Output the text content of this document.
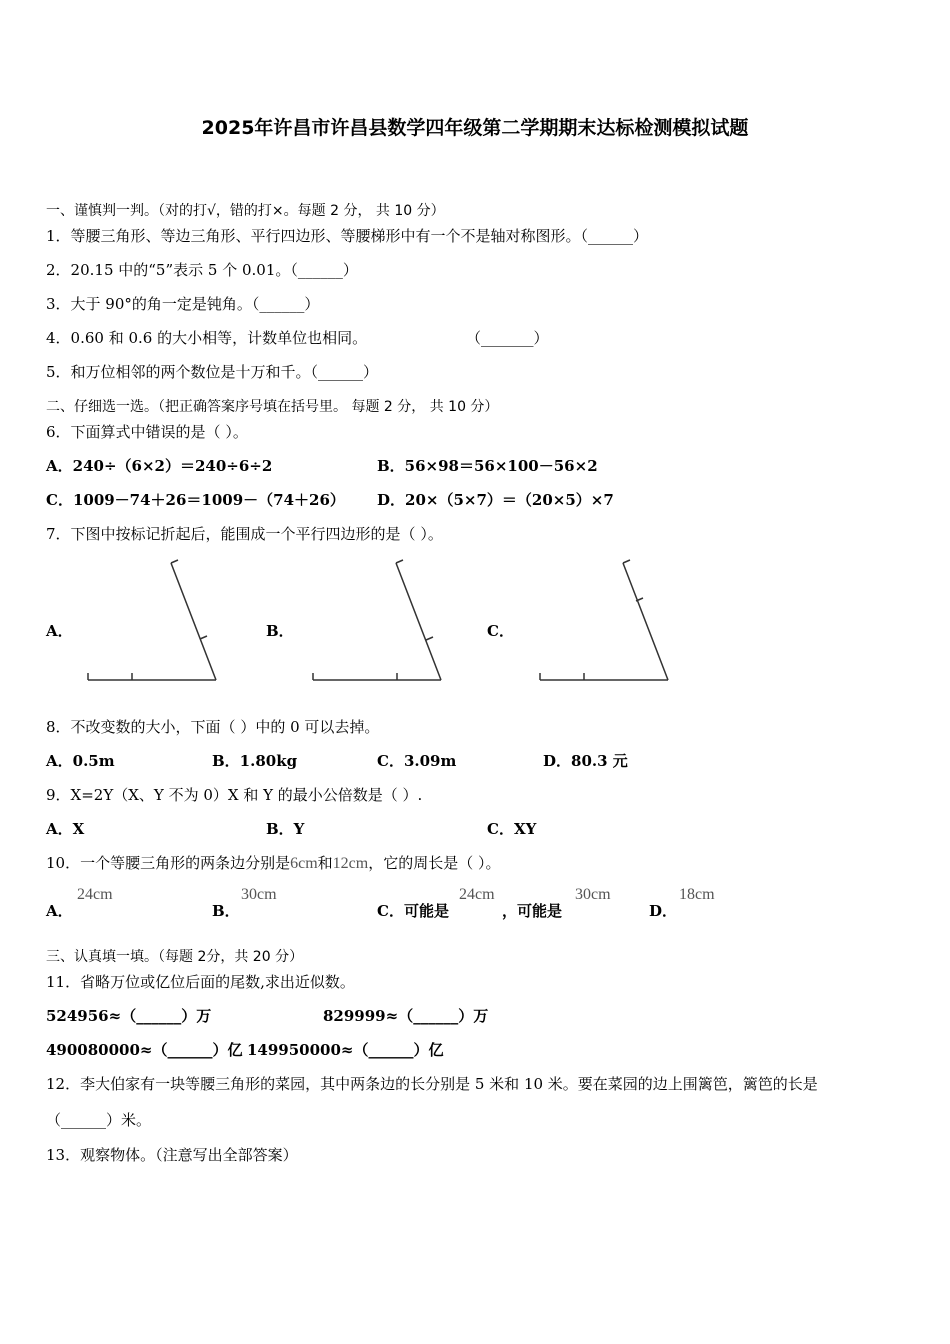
2025年许昌市许昌县数学四年级第二学期期末达标检测模拟试题
一、谨慎判一判。（对的打√，错的打×。每题 2 分， 共 10 分）
1．等腰三角形、等边三角形、平行四边形、等腰梯形中有一个不是轴对称图形。（______）
2．20.15 中的“5”表示 5 个 0.01。（______）
3．大于 90°的角一定是钝角。（______）
4．0.60 和 0.6 的大小相等，计数单位也相同。	（_______）
5．和万位相邻的两个数位是十万和千。（______）
二、仔细选一选。（把正确答案序号填在括号里。 每题 2 分， 共 10 分）
6．下面算式中错误的是（ ）。
A．240÷（6×2）＝240÷6÷2	B．56×98＝56×100－56×2
C．1009－74＋26＝1009－（74＋26） D．20×（5×7）＝（20×5）×7
7．下图中按标记折起后，能围成一个平行四边形的是（ ）。
A．	B．	C．
8．不改变数的大小，下面（ ）中的 0 可以去掉。
A．0.5m	B．1.80kg	C．3.09m	D．80.3 元
9．X=2Y（X、Y 不为 0）X 和 Y 的最小公倍数是（ ）.
A．X	B．Y	C．XY
10．一个等腰三角形的两条边分别是6cm和12cm，它的周长是（ ）。
A．
24cm
B．
30cm
C．可能是
24cm
，可能是
30cm
D．
18cm
三、认真填一填。（每题 2分，共 20 分）
11．省略万位或亿位后面的尾数,求出近似数。
524956≈（______）万	829999≈（______）万
490080000≈（______）亿 149950000≈（______）亿
12．李大伯家有一块等腰三角形的菜园，其中两条边的长分别是 5 米和 10 米。要在菜园的边上围篱笆，篱笆的长是
（______）米。
13．观察物体。（注意写出全部答案）
